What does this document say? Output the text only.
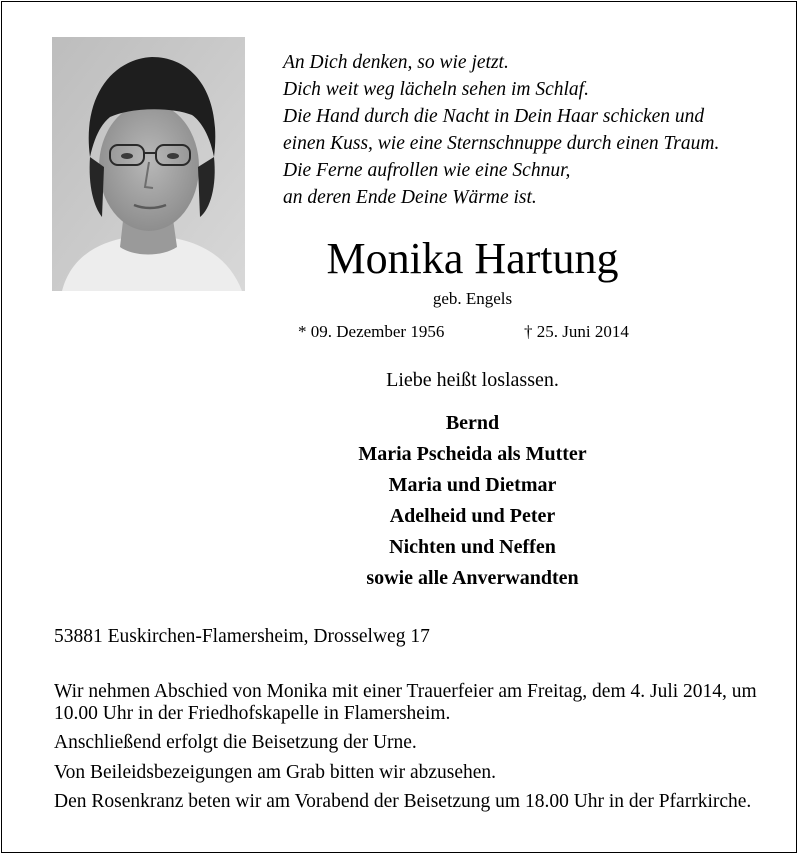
An Dich denken, so wie jetzt.
Dich weit weg lächeln sehen im Schlaf.
Die Hand durch die Nacht in Dein Haar schicken und
einen Kuss, wie eine Sternschnuppe durch einen Traum.
Die Ferne aufrollen wie eine Schnur,
an deren Ende Deine Wärme ist.
Monika Hartung
geb. Engels
* 09. Dezember 1956	† 25. Juni 2014
Liebe heißt loslassen.
Bernd
Maria Pscheida als Mutter
Maria und Dietmar
Adelheid und Peter
Nichten und Neffen
sowie alle Anverwandten
53881 Euskirchen-Flamersheim, Drosselweg 17

Wir nehmen Abschied von Monika mit einer Trauerfeier am Freitag, dem 4. Juli 2014, um 10.00 Uhr in der Friedhofskapelle in Flamersheim.

Anschließend erfolgt die Beisetzung der Urne.

Von Beileidsbezeigungen am Grab bitten wir abzusehen.

Den Rosenkranz beten wir am Vorabend der Beisetzung um 18.00 Uhr in der Pfarrkirche.
